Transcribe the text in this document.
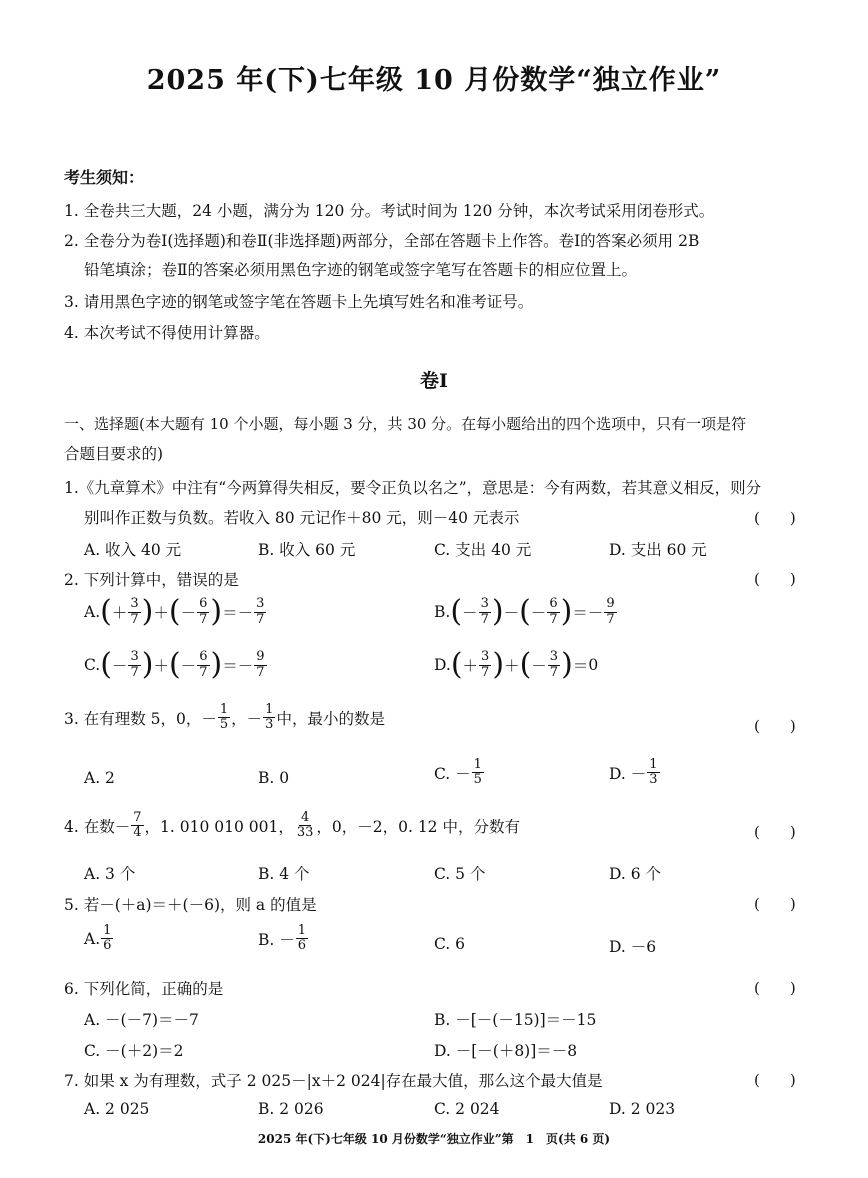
2025 年(下)七年级 10 月份数学“独立作业”
考生须知：
1. 全卷共三大题，24 小题，满分为 120 分。考试时间为 120 分钟，本次考试采用闭卷形式。
2. 全卷分为卷Ⅰ(选择题)和卷Ⅱ(非选择题)两部分，全部在答题卡上作答。卷Ⅰ的答案必须用 2B
铅笔填涂；卷Ⅱ的答案必须用黑色字迹的钢笔或签字笔写在答题卡的相应位置上。
3. 请用黑色字迹的钢笔或签字笔在答题卡上先填写姓名和准考证号。
4. 本次考试不得使用计算器。
卷Ⅰ
一、选择题(本大题有 10 个小题，每小题 3 分，共 30 分。在每小题给出的四个选项中，只有一项是符
合题目要求的)
1.《九章算术》中注有“今两算得失相反，要令正负以名之”，意思是：今有两数，若其意义相反，则分
别叫作正数与负数。若收入 80 元记作＋80 元，则－40 元表示	(　　)
A. 收入 40 元	B. 收入 60 元	C. 支出 40 元	D. 支出 60 元
2. 下列计算中，错误的是	(　　)
A. ( ＋ $\frac{3}{7}$ ) ＋ ( － $\frac{6}{7}$ ) ＝ － $\frac{3}{7}$	B. ( － $\frac{3}{7}$ ) － ( － $\frac{6}{7}$ ) ＝ － $\frac{9}{7}$
C. ( － $\frac{3}{7}$ ) ＋ ( － $\frac{6}{7}$ ) ＝ － $\frac{9}{7}$	D. ( ＋ $\frac{3}{7}$ ) ＋ ( － $\frac{3}{7}$ ) ＝ 0
3. 在有理数 5，0，－ $\frac{1}{5}$ ，－ $\frac{1}{3}$ 中，最小的数是	(　　)
A. 2	B. 0	C. － $\frac{1}{5}$	D. － $\frac{1}{3}$
4. 在数－ $\frac{7}{4}$ ，1. 010 010 001， $\frac{4}{33}$ ，0，－2，0. 12 中，分数有	(　　)
A. 3 个	B. 4 个	C. 5 个	D. 6 个
5. 若－(＋a)＝＋(－6)，则 a 的值是	(　　)
A. $\frac{1}{6}$	B. － $\frac{1}{6}$	C. 6	D. －6
6. 下列化简，正确的是	(　　)
A. －(－7)＝－7	B. －[－(－15)]＝－15
C. －(＋2)＝2	D. －[－(＋8)]＝－8
7. 如果 x 为有理数，式子 2 025－|x＋2 024|存在最大值，那么这个最大值是	(　　)
A. 2 025	B. 2 026	C. 2 024	D. 2 023
2025 年(下)七年级 10 月份数学“独立作业”第　1　页(共 6 页)
